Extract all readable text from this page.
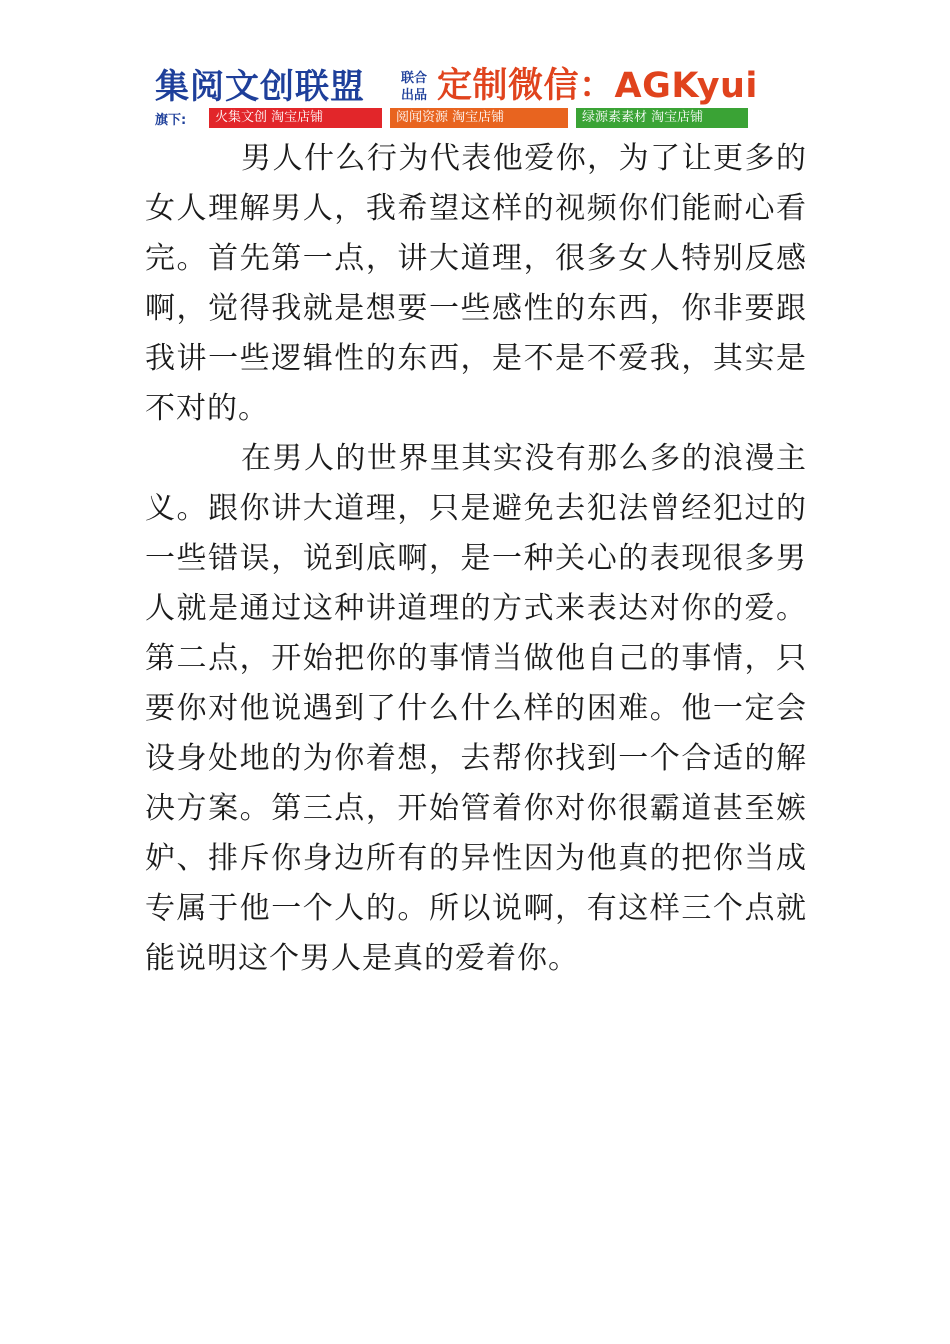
集阅文创联盟	联合
出品 定制微信：AGKyui
旗下:	火集文创 淘宝店铺	阅闻资源 淘宝店铺	绿源素素材 淘宝店铺

男人什么行为代表他爱你，为了让更多的女人理解男人，我希望这样的视频你们能耐心看完。首先第一点，讲大道理，很多女人特别反感啊，觉得我就是想要一些感性的东西，你非要跟我讲一些逻辑性的东西，是不是不爱我，其实是不对的。

在男人的世界里其实没有那么多的浪漫主义。跟你讲大道理，只是避免去犯法曾经犯过的一些错误，说到底啊，是一种关心的表现很多男人就是通过这种讲道理的方式来表达对你的爱。第二点，开始把你的事情当做他自己的事情，只要你对他说遇到了什么什么样的困难。他一定会设身处地的为你着想，去帮你找到一个合适的解决方案。第三点，开始管着你对你很霸道甚至嫉妒、排斥你身边所有的异性因为他真的把你当成专属于他一个人的。所以说啊，有这样三个点就能说明这个男人是真的爱着你。
